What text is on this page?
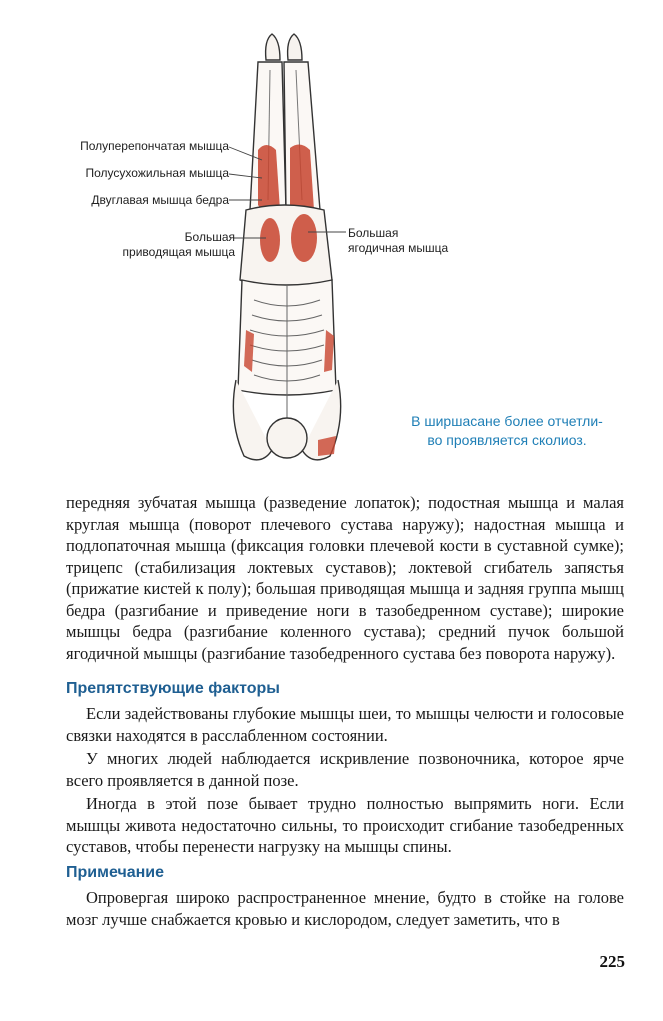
Полуперепончатая мышца
Полусухожильная мышца
Двуглавая мышца бедра
Большая
приводящая мышца
Большая
ягодичная мышца
В ширшасане более отчетли-
во проявляется сколиоз.

передняя зубчатая мышца (разведение лопаток); подостная мышца и малая круглая мышца (поворот плечевого сустава наружу); надостная мышца и подлопаточная мышца (фиксация головки плечевой кости в суставной сумке); трицепс (стабилизация локтевых суставов); локтевой сгибатель запястья (прижатие кистей к полу); большая приводящая мышца и задняя группа мышц бедра (разгибание и приведение ноги в тазобедренном суставе); широкие мышцы бедра (разгибание коленного сустава); средний пучок большой ягодичной мышцы (разгибание тазобедренного сустава без поворота наружу).

Препятствующие факторы

Если задействованы глубокие мышцы шеи, то мышцы челюсти и голосовые связки находятся в расслабленном состоянии.

У многих людей наблюдается искривление позвоночника, которое ярче всего проявляется в данной позе.

Иногда в этой позе бывает трудно полностью выпрямить ноги. Если мышцы живота недостаточно сильны, то происходит сгибание тазобедренных суставов, чтобы перенести нагрузку на мышцы спины.

Примечание

Опровергая широко распространенное мнение, будто в стойке на голове мозг лучше снабжается кровью и кислородом, следует заметить, что в

225
